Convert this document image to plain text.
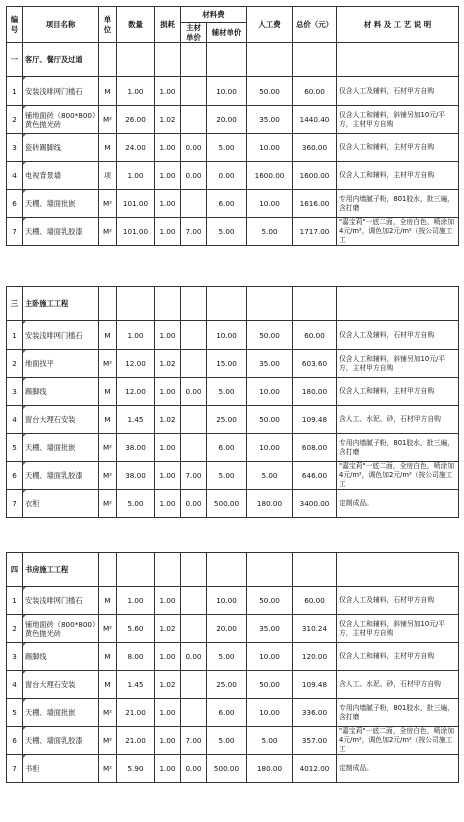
编号	项目名称	单位	数量	损耗	材料费		人工费	总价（元）	材 料 及 工 艺 说 明
					主材单价	辅材单价			
一	客厅、餐厅及过道								
1	安装浅啡网门槛石	M	1.00	1.00		10.00	50.00	60.00	仅含人工及辅料，石材甲方自购
2	铺地面砖（800*800）黄色抛光砖	M²	26.00	1.02		20.00	35.00	1440.40	仅含人工和辅料，斜铺另加10元/平方，主材甲方自购
3	瓷砖踢脚线	M	24.00	1.00	0.00	5.00	10.00	360.00	仅含人工和辅料，主材甲方自购
4	电视背景墙	项	1.00	1.00	0.00	0.00	1600.00	1600.00	仅含人工和辅料，主材甲方自购
6	天棚、墙面批嵌	M²	101.00	1.00		6.00	10.00	1616.00	专用内墙腻子粉，801胶水，批三遍，含打磨
7	天棚、墙面乳胶漆	M²	101.00	1.00	7.00	5.00	5.00	1717.00	"嘉宝莉"一底二面，全房白色，喷涂加4元/m²，调色加2元/m²（按公司施工工
三	主卧施工工程								
1	安装浅啡网门槛石	M	1.00	1.00		10.00	50.00	60.00	仅含人工及辅料，石材甲方自购
2	地面找平	M²	12.00	1.02		15.00	35.00	603.60	仅含人工和辅料，斜铺另加10元/平方，主材甲方自购
3	踢脚线	M	12.00	1.00	0.00	5.00	10.00	180.00	仅含人工和辅料，主材甲方自购
4	窗台大理石安装	M	1.45	1.02		25.00	50.00	109.48	含人工、水泥、砂，石材甲方自购
5	天棚、墙面批嵌	M²	38.00	1.00		6.00	10.00	608.00	专用内墙腻子粉，801胶水，批三遍，含打磨
6	天棚、墙面乳胶漆	M²	38.00	1.00	7.00	5.00	5.00	646.00	"嘉宝莉"一底二面，全房白色，喷涂加4元/m²，调色加2元/m²（按公司施工工
7	衣柜	M²	5.00	1.00	0.00	500.00	180.00	3400.00	定制成品。
四	书房施工工程								
1	安装浅啡网门槛石	M	1.00	1.00		10.00	50.00	60.00	仅含人工及辅料，石材甲方自购
2	铺地面砖（800*800）黄色抛光砖	M²	5.60	1.02		20.00	35.00	310.24	仅含人工和辅料，斜铺另加10元/平方，主材甲方自购
3	踢脚线	M	8.00	1.00	0.00	5.00	10.00	120.00	仅含人工和辅料，主材甲方自购
4	窗台大理石安装	M	1.45	1.02		25.00	50.00	109.48	含人工、水泥、砂，石材甲方自购
5	天棚、墙面批嵌	M²	21.00	1.00		6.00	10.00	336.00	专用内墙腻子粉，801胶水，批三遍，含打磨
6	天棚、墙面乳胶漆	M²	21.00	1.00	7.00	5.00	5.00	357.00	"嘉宝莉"一底二面，全房白色，喷涂加4元/m²，调色加2元/m²（按公司施工工
7	书柜	M²	5.90	1.00	0.00	500.00	180.00	4012.00	定制成品。
